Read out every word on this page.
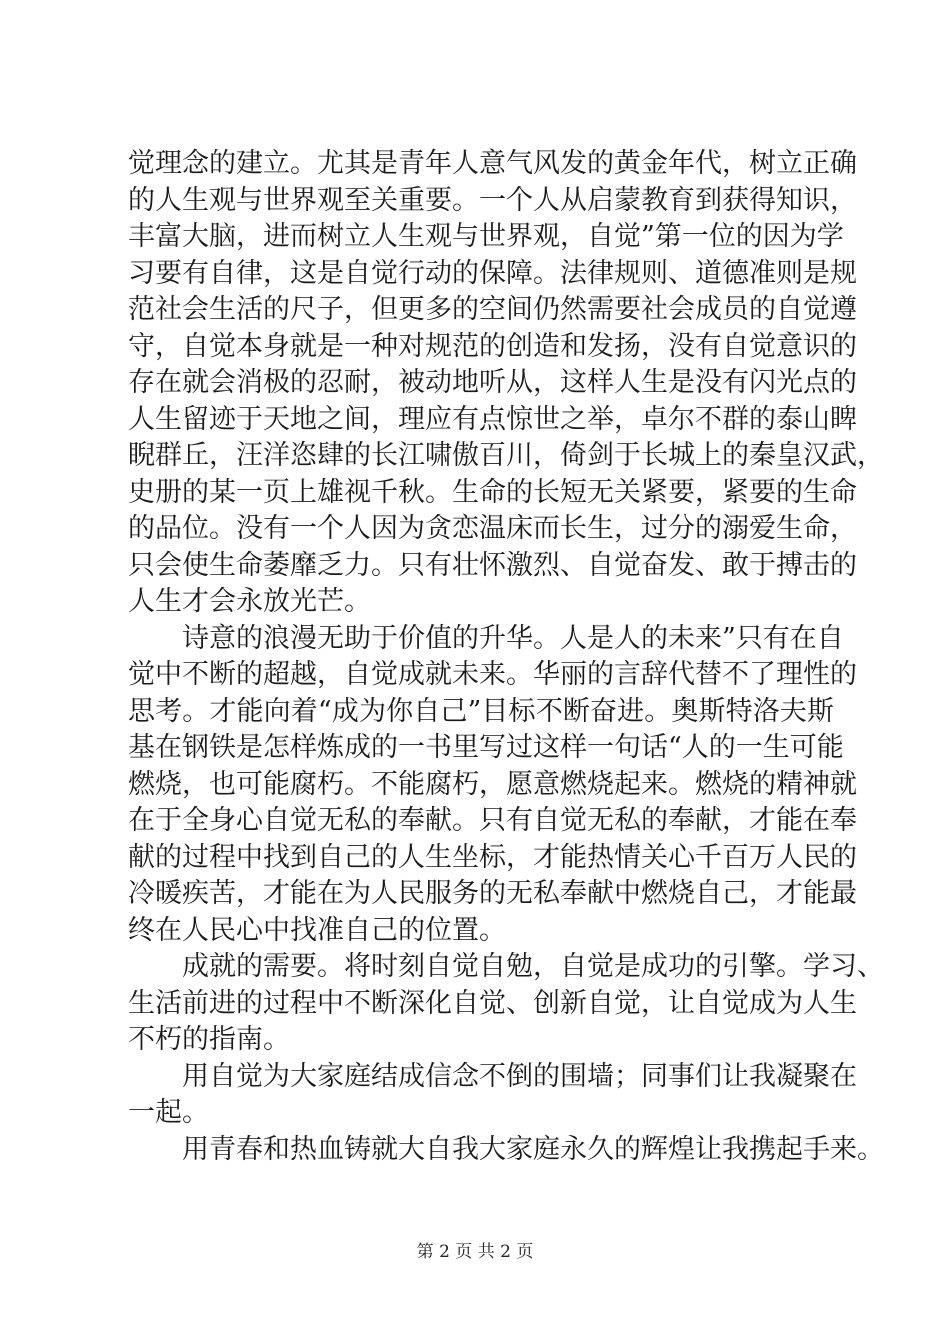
觉理念的建立。尤其是青年人意气风发的黄金年代，树立正确
的人生观与世界观至关重要。一个人从启蒙教育到获得知识，
丰富大脑，进而树立人生观与世界观，自觉”第一位的因为学
习要有自律，这是自觉行动的保障。法律规则、道德准则是规
范社会生活的尺子，但更多的空间仍然需要社会成员的自觉遵
守，自觉本身就是一种对规范的创造和发扬，没有自觉意识的
存在就会消极的忍耐，被动地听从，这样人生是没有闪光点的
人生留迹于天地之间，理应有点惊世之举，卓尔不群的泰山睥
睨群丘，汪洋恣肆的长江啸傲百川，倚剑于长城上的秦皇汉武，
史册的某一页上雄视千秋。生命的长短无关紧要，紧要的生命
的品位。没有一个人因为贪恋温床而长生，过分的溺爱生命，
只会使生命萎靡乏力。只有壮怀激烈、自觉奋发、敢于搏击的
人生才会永放光芒。
诗意的浪漫无助于价值的升华。人是人的未来”只有在自
觉中不断的超越，自觉成就未来。华丽的言辞代替不了理性的
思考。才能向着“成为你自己”目标不断奋进。奥斯特洛夫斯
基在钢铁是怎样炼成的一书里写过这样一句话“人的一生可能
燃烧，也可能腐朽。不能腐朽，愿意燃烧起来。燃烧的精神就
在于全身心自觉无私的奉献。只有自觉无私的奉献，才能在奉
献的过程中找到自己的人生坐标，才能热情关心千百万人民的
冷暖疾苦，才能在为人民服务的无私奉献中燃烧自己，才能最
终在人民心中找准自己的位置。
成就的需要。将时刻自觉自勉，自觉是成功的引擎。学习、
生活前进的过程中不断深化自觉、创新自觉，让自觉成为人生
不朽的指南。
用自觉为大家庭结成信念不倒的围墙；同事们让我凝聚在
一起。
用青春和热血铸就大自我大家庭永久的辉煌让我携起手来。
第 2 页 共 2 页
